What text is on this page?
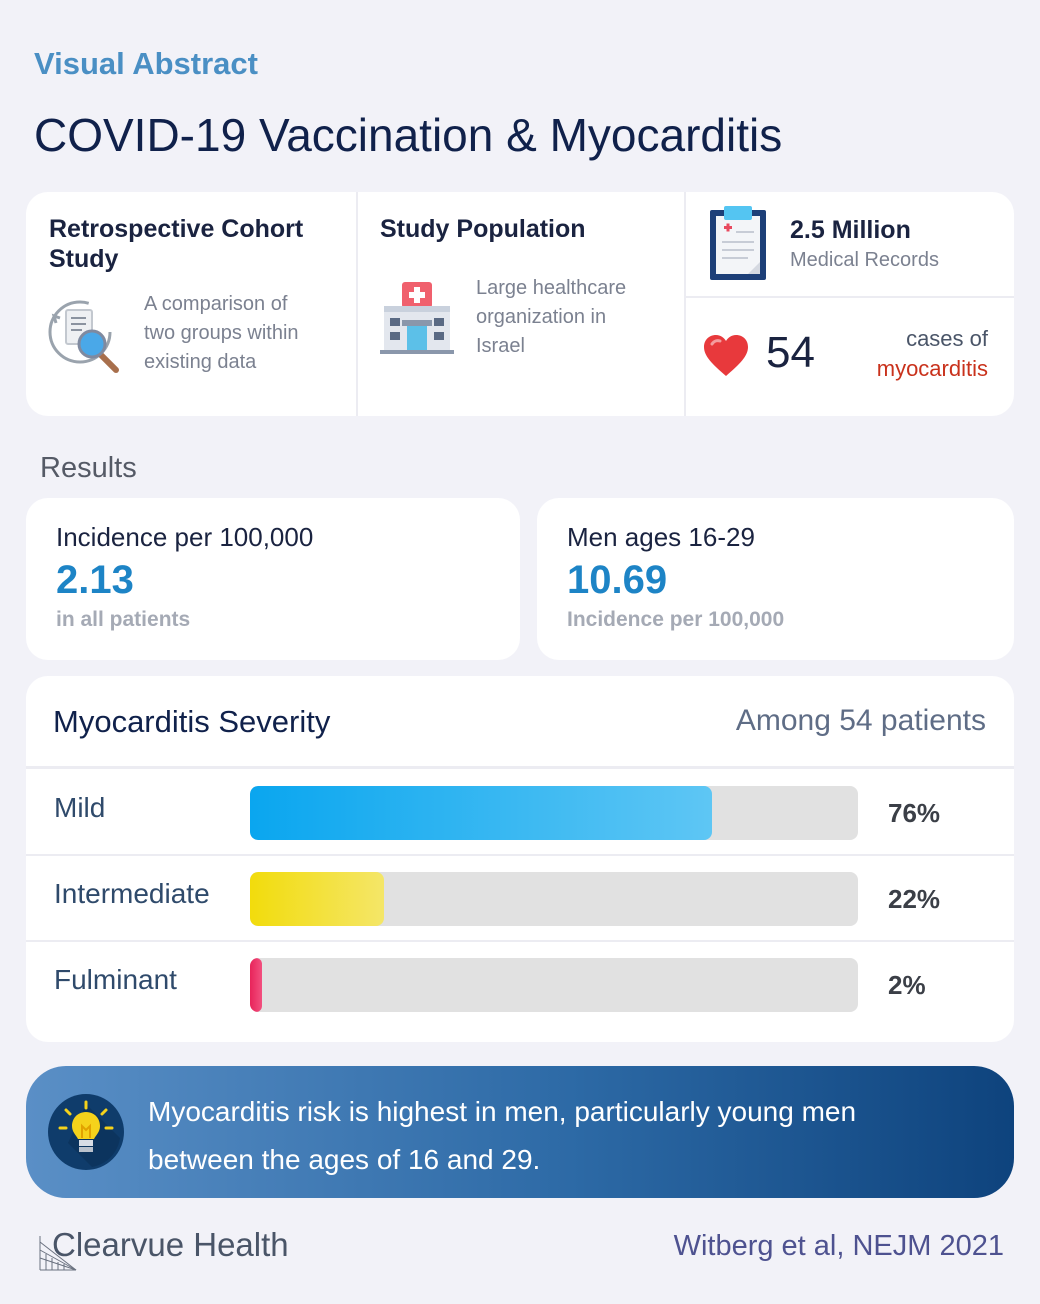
Visual Abstract
COVID-19 Vaccination & Myocarditis
Retrospective Cohort Study
A comparison of
two groups within
existing data
Study Population
Large healthcare
organization in
Israel
2.5 Million
Medical Records
54	cases of
myocarditis
Results
Incidence per 100,000
2.13
in all patients
Men ages 16-29
10.69
Incidence per 100,000
Myocarditis Severity	Among 54 patients
Mild	76%
Intermediate	22%
Fulminant	2%
Myocarditis risk is highest in men, particularly young men
between the ages of 16 and 29.
Clearvue Health	Witberg et al, NEJM 2021
